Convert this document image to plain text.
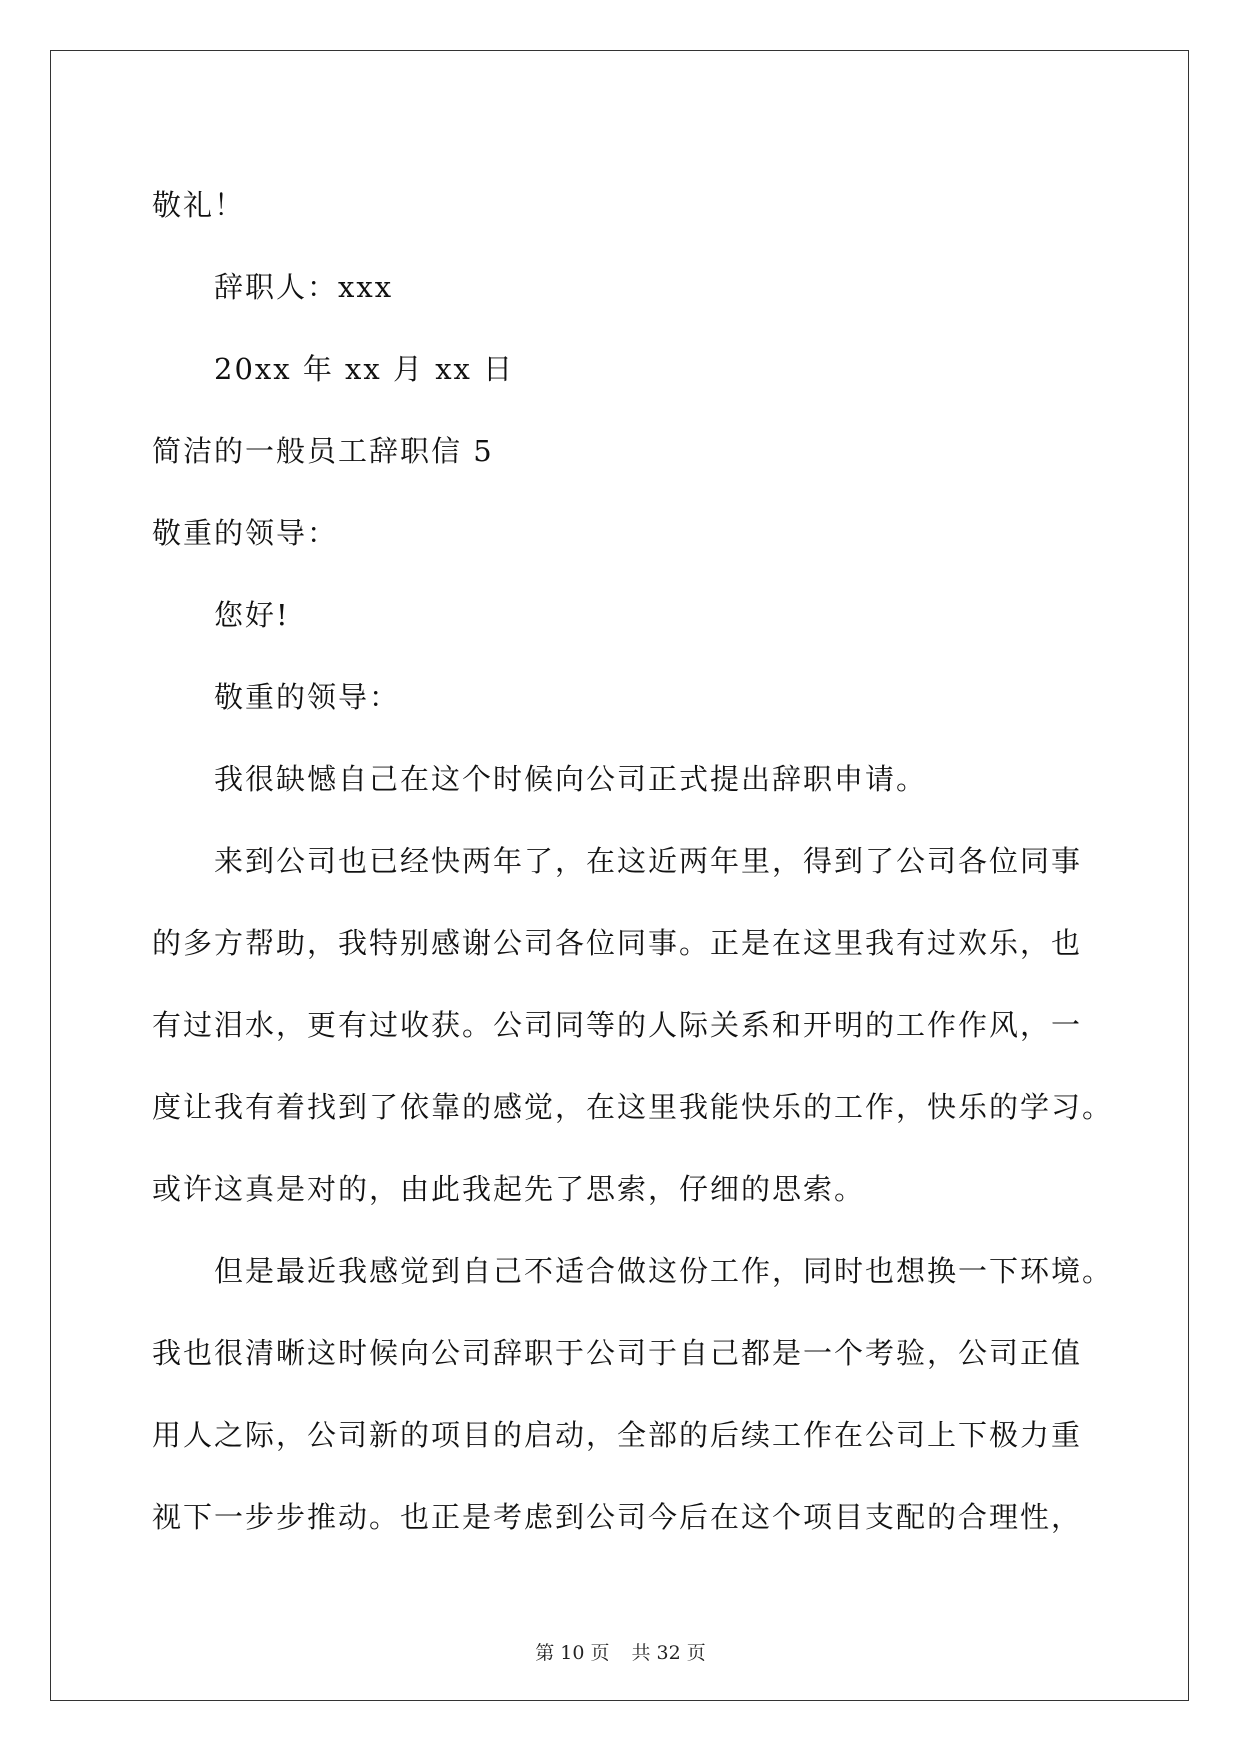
敬礼！
辞职人：xxx
20xx 年 xx 月 xx 日
简洁的一般员工辞职信 5
敬重的领导：
您好!
敬重的领导：
我很缺憾自己在这个时候向公司正式提出辞职申请。
来到公司也已经快两年了，在这近两年里，得到了公司各位同事
的多方帮助，我特别感谢公司各位同事。正是在这里我有过欢乐，也
有过泪水，更有过收获。公司同等的人际关系和开明的工作作风，一
度让我有着找到了依靠的感觉，在这里我能快乐的工作，快乐的学习。
或许这真是对的，由此我起先了思索，仔细的思索。
但是最近我感觉到自己不适合做这份工作，同时也想换一下环境。
我也很清晰这时候向公司辞职于公司于自己都是一个考验，公司正值
用人之际，公司新的项目的启动，全部的后续工作在公司上下极力重
视下一步步推动。也正是考虑到公司今后在这个项目支配的合理性，
第 10 页 共 32 页
